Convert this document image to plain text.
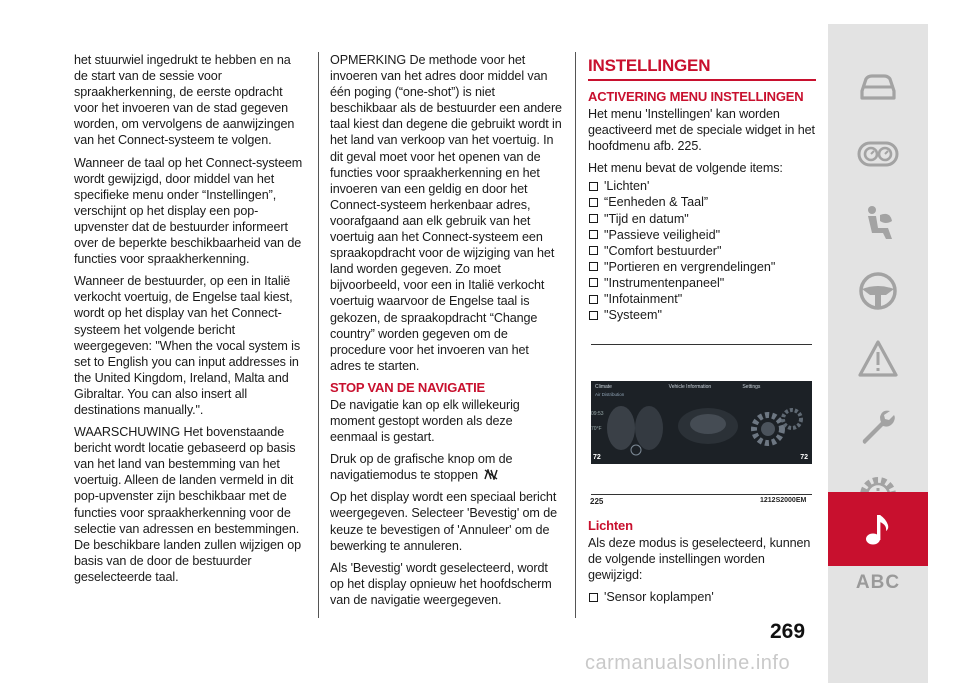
het stuurwiel ingedrukt te hebben en na de start van de sessie voor spraakherkenning, de eerste opdracht voor het invoeren van de stad gegeven worden, om vervolgens de aanwijzingen van het Connect-systeem te volgen.

Wanneer de taal op het Connect-systeem wordt gewijzigd, door middel van het specifieke menu onder “Instellingen”, verschijnt op het display een pop-upvenster dat de bestuurder informeert over de beperkte beschikbaarheid van de functies voor spraakherkenning.

Wanneer de bestuurder, op een in Italië verkocht voertuig, de Engelse taal kiest, wordt op het display van het Connect-systeem het volgende bericht weergegeven: "When the vocal system is set to English you can input addresses in the United Kingdom, Ireland, Malta and Gibraltar. You can also insert all destinations manually.".

WAARSCHUWING Het bovenstaande bericht wordt locatie gebaseerd op basis van het land van bestemming van het voertuig. Alleen de landen vermeld in dit pop-upvenster zijn beschikbaar met de functies voor spraakherkenning voor de selectie van adressen en bestemmingen. De beschikbare landen zullen wijzigen op basis van de door de bestuurder geselecteerde taal.

OPMERKING De methode voor het invoeren van het adres door middel van één poging (“one-shot”) is niet beschikbaar als de bestuurder een andere taal kiest dan degene die gebruikt wordt in het land van verkoop van het voertuig. In dit geval moet voor het openen van de functies voor spraakherkenning en het invoeren van een geldig en door het Connect-systeem herkenbaar adres, voorafgaand aan elk gebruik van het voertuig aan het Connect-systeem een spraakopdracht voor de wijziging van het land worden gegeven. Zo moet bijvoorbeeld, voor een in Italië verkocht voertuig waarvoor de Engelse taal is gekozen, de spraakopdracht “Change country” worden gegeven om de procedure voor het invoeren van het adres te starten.

STOP VAN DE NAVIGATIE

De navigatie kan op elk willekeurig moment gestopt worden als deze eenmaal is gestart.

Druk op de grafische knop om de navigatiemodus te stoppen

Op het display wordt een speciaal bericht weergegeven. Selecteer 'Bevestig' om de keuze te bevestigen of 'Annuleer' om de bewerking te annuleren.

Als 'Bevestig' wordt geselecteerd, wordt op het display opnieuw het hoofdscherm van de navigatie weergegeven.

INSTELLINGEN
ACTIVERING MENU INSTELLINGEN

Het menu 'Instellingen' kan worden geactiveerd met de speciale widget in het hoofdmenu afb. 225.

Het menu bevat de volgende items:

'Lichten'
“Eenheden & Taal”
"Tijd en datum"
"Passieve veiligheid"
"Comfort bestuurder"
"Portieren en vergrendelingen"
"Instrumentenpaneel"
"Infotainment"
"Systeem"
Climate	Vehicle Information	Settings
Air Distribution
09:53
70°F
72	72
225	1212S2000EM
Lichten

Als deze modus is geselecteerd, kunnen de volgende instellingen worden gewijzigd:

'Sensor koplampen'
ABC
269
carmanualsonline.info
